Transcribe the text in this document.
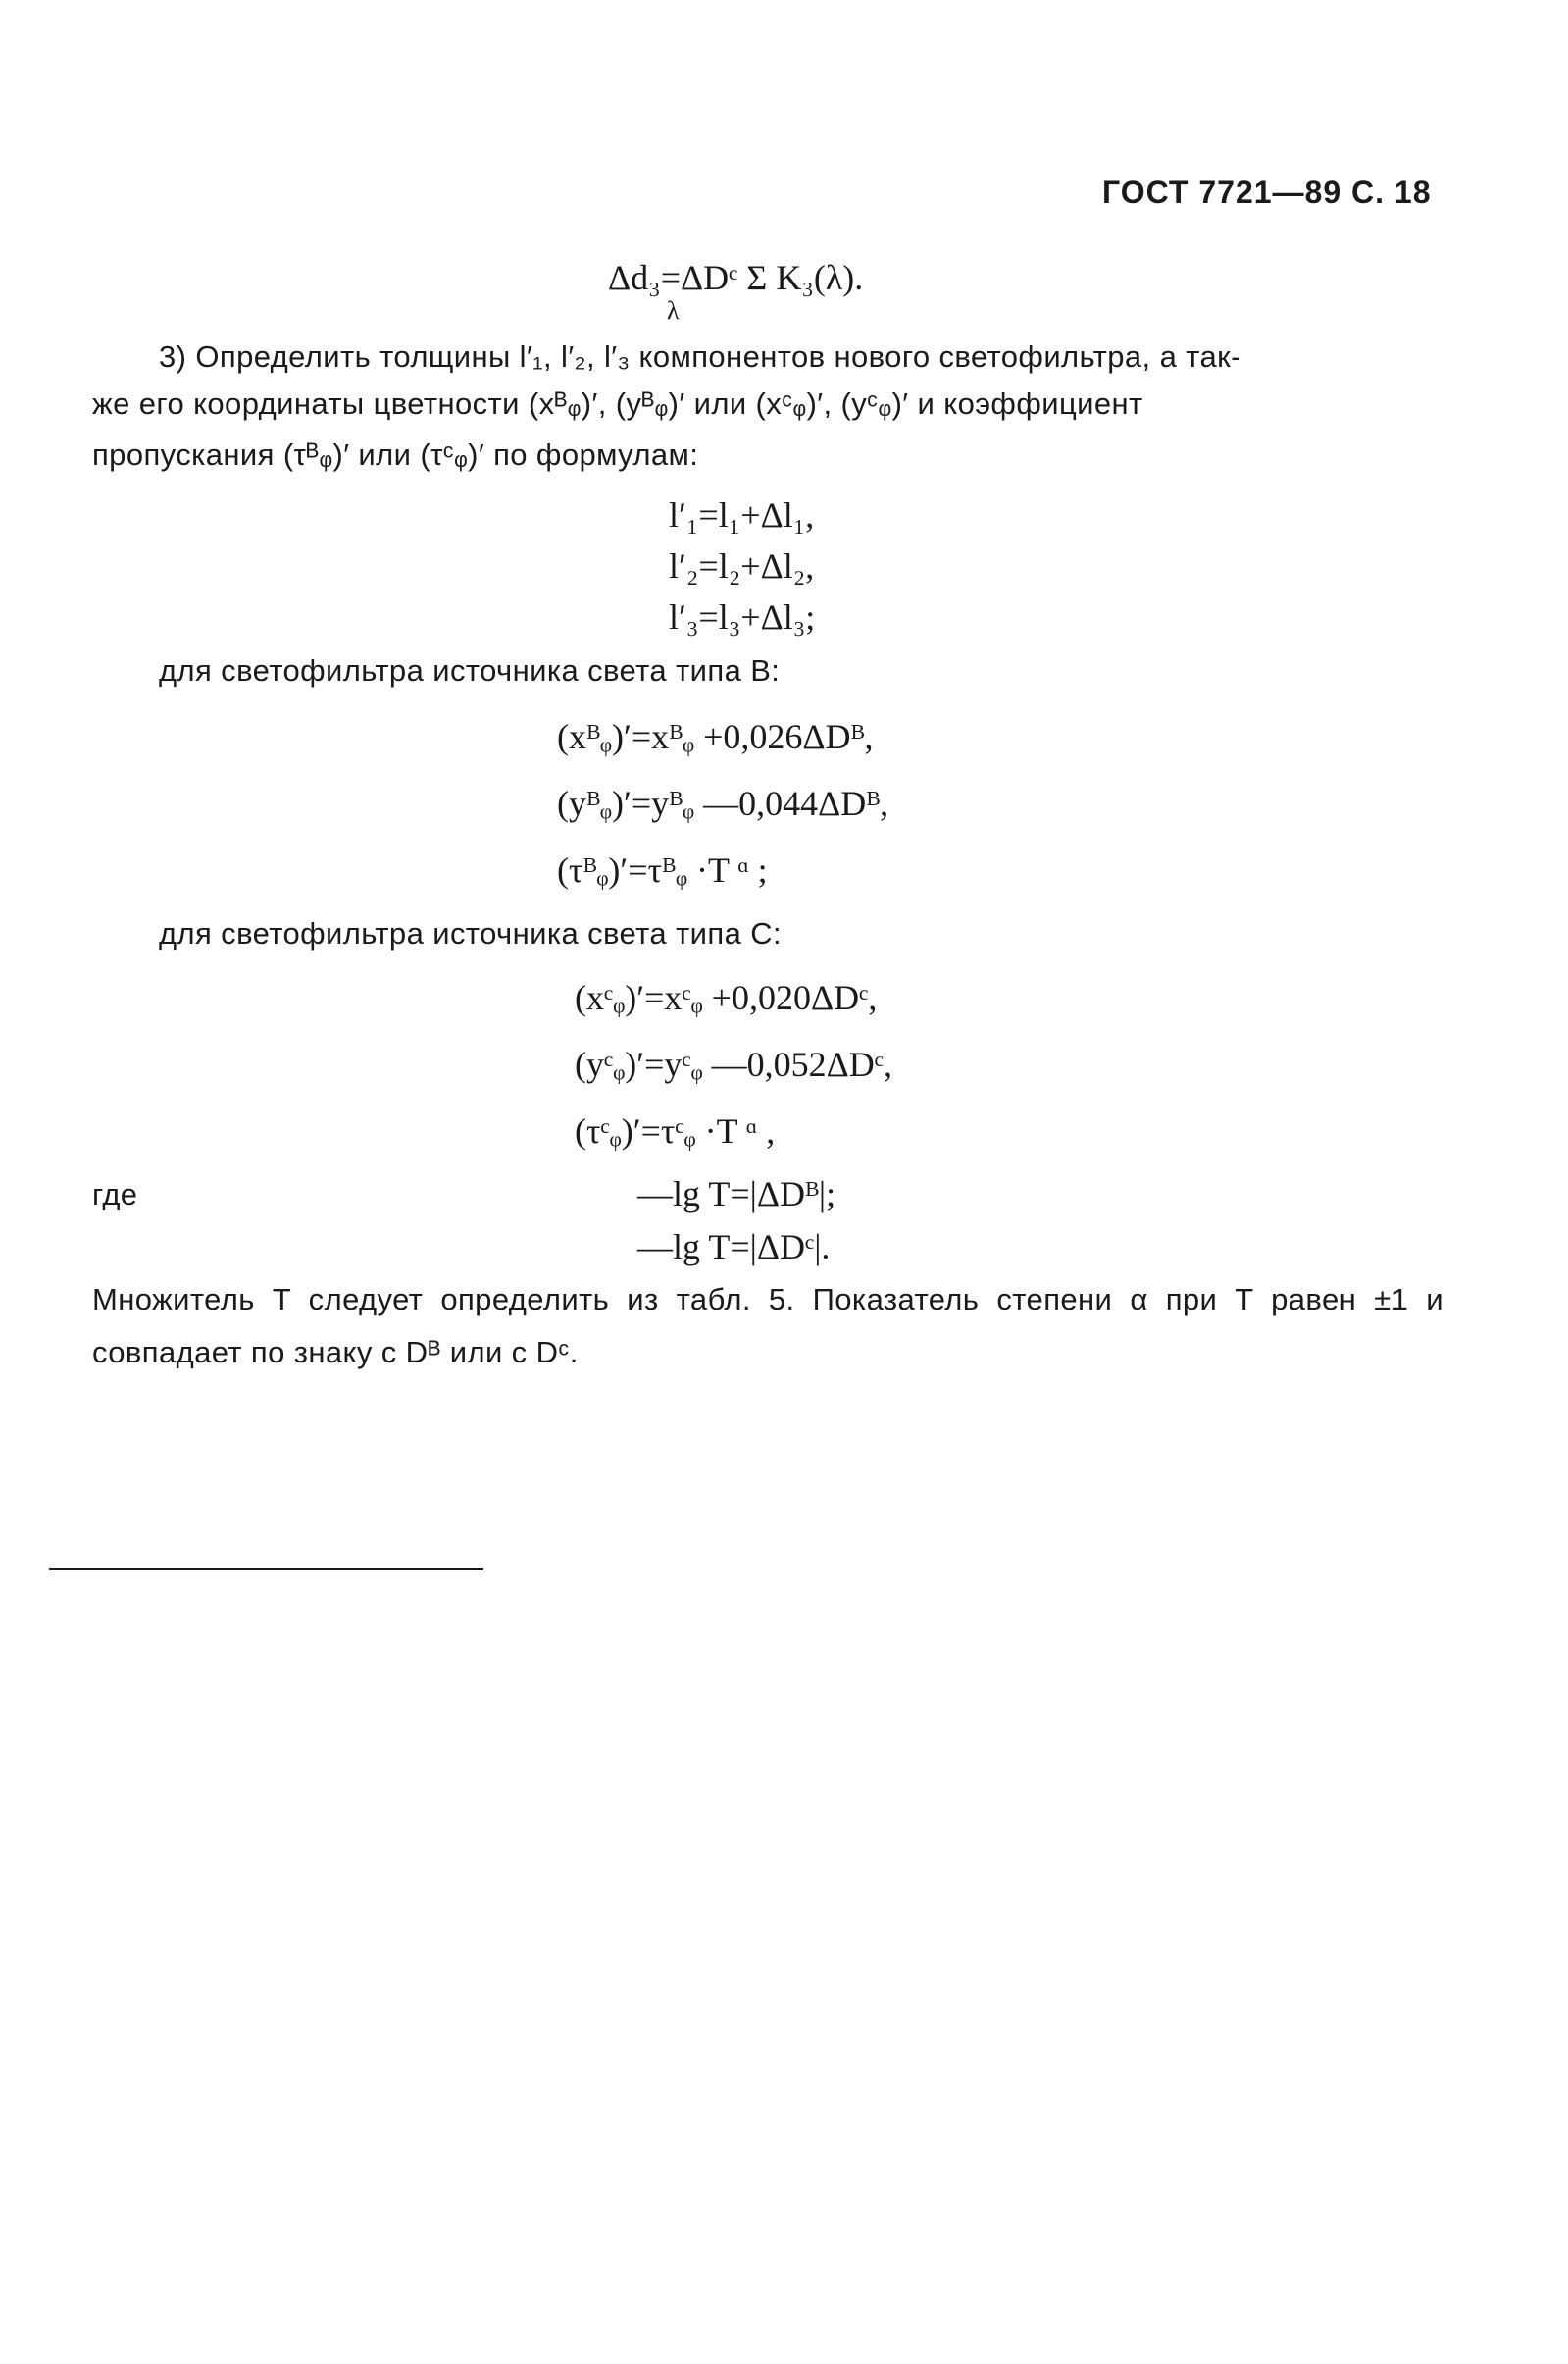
ГОСТ 7721—89 С. 18
Δd₃=ΔDᶜ Σ K₃(λ).
λ
3) Определить толщины l′₁, l′₂, l′₃ компонентов нового светофильтра, а так-
же его координаты цветности (xᴮᵩ)′, (yᴮᵩ)′ или (xᶜᵩ)′, (yᶜᵩ)′ и коэффициент
пропускания (τᴮᵩ)′ или (τᶜᵩ)′ по формулам:
l′₁=l₁+Δl₁,
l′₂=l₂+Δl₂,
l′₃=l₃+Δl₃;
для светофильтра источника света типа В:
(xᴮᵩ)′=xᴮᵩ +0,026ΔDᴮ,
(yᴮᵩ)′=yᴮᵩ —0,044ΔDᴮ,
(τᴮᵩ)′=τᴮᵩ ·T ᵅ ;
для светофильтра источника света типа С:
(xᶜᵩ)′=xᶜᵩ +0,020ΔDᶜ,
(yᶜᵩ)′=yᶜᵩ —0,052ΔDᶜ,
(τᶜᵩ)′=τᶜᵩ ·T ᵅ ,
где	—lg T=|ΔDᴮ|;
—lg T=|ΔDᶜ|.
Множитель T следует определить из табл. 5. Показатель степени α при T равен ±1 и совпадает по знаку с Dᴮ или с Dᶜ.
